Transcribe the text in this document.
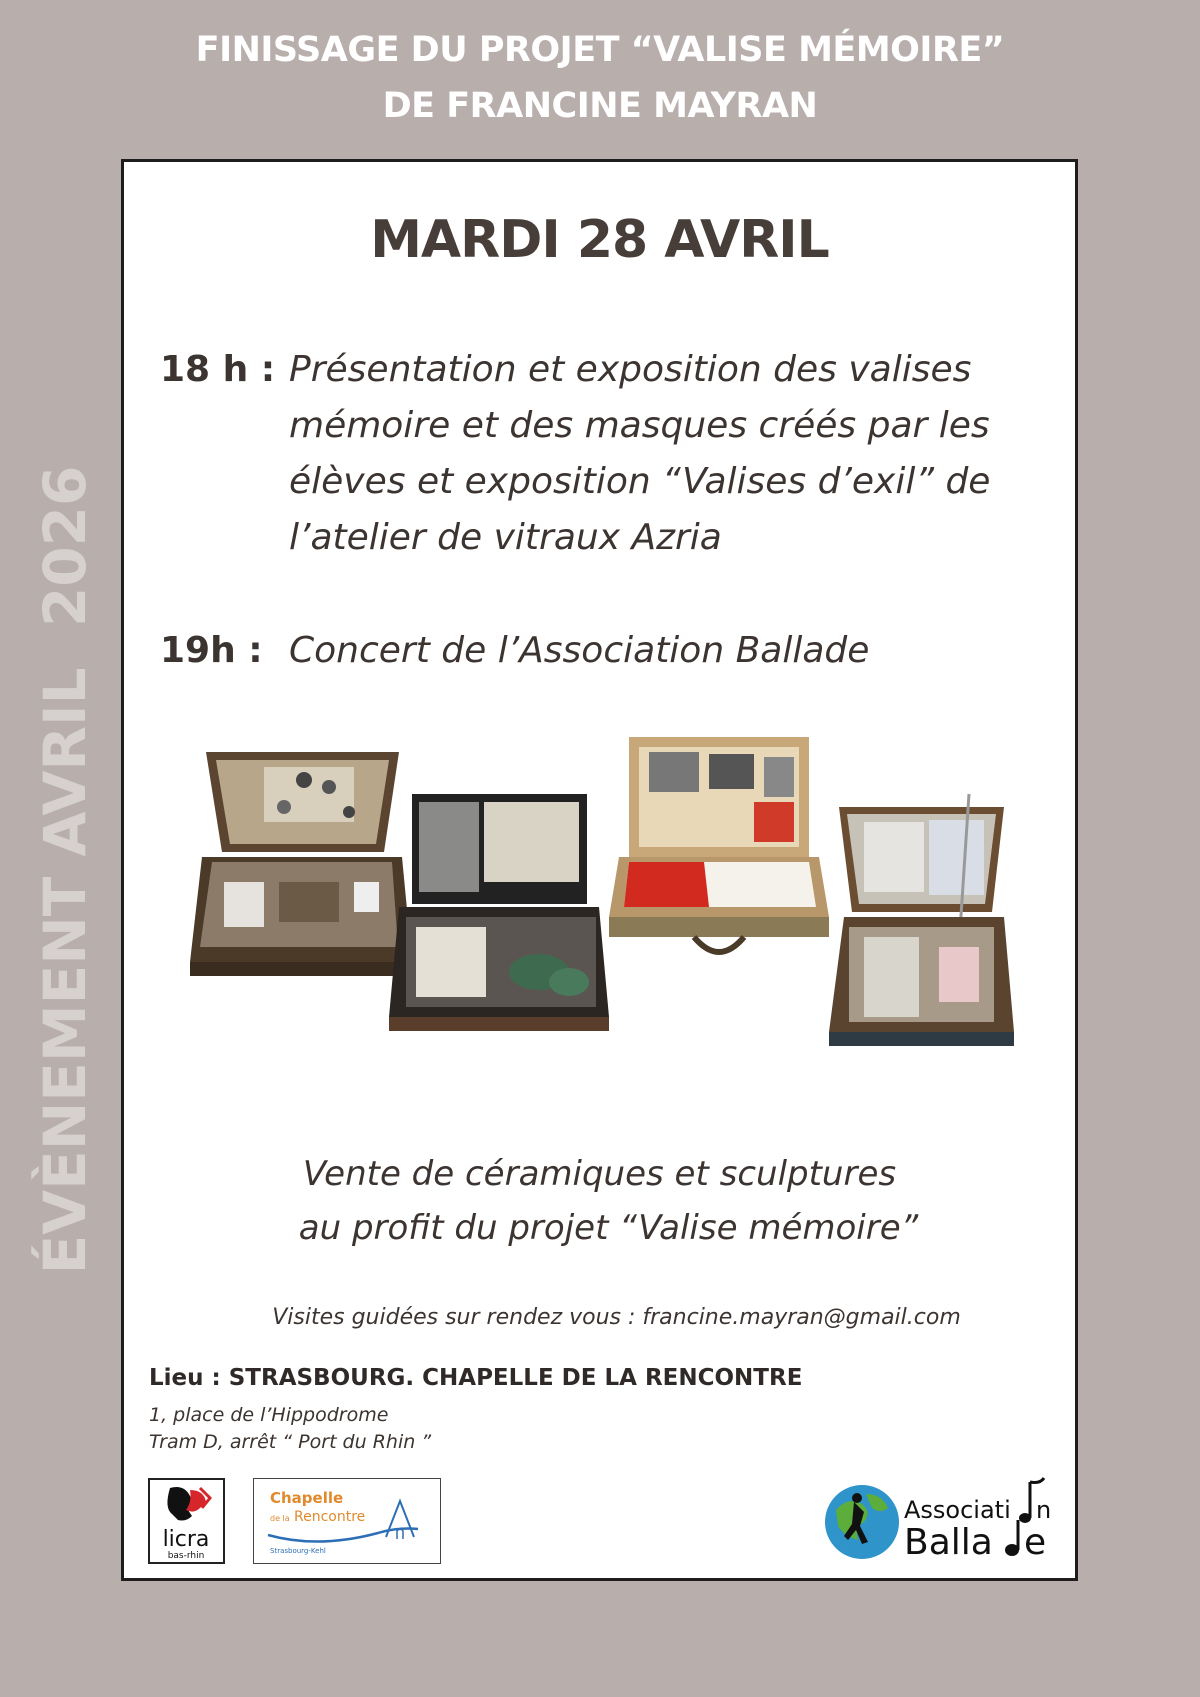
FINISSAGE DU PROJET “VALISE MÉMOIRE”
DE FRANCINE MAYRAN
ÉVÈNEMENT AVRIL  2026
MARDI 28 AVRIL
18 h : Présentation et exposition des valises
mémoire et des masques créés par les
élèves et exposition “Valises d’exil” de
l’atelier de vitraux Azria
19h : Concert de l’Association Ballade
Vente de céramiques et sculptures
au profit du projet “Valise mémoire”
Visites guidées sur rendez vous : francine.mayran@gmail.com
Lieu : STRASBOURG. CHAPELLE DE LA RENCONTRE
1, place de l’Hippodrome
Tram D, arrêt “ Port du Rhin ”
licra
bas-rhin
Chapelle
de la Rencontre
Strasbourg-Kehl
Associati n
Balla e
